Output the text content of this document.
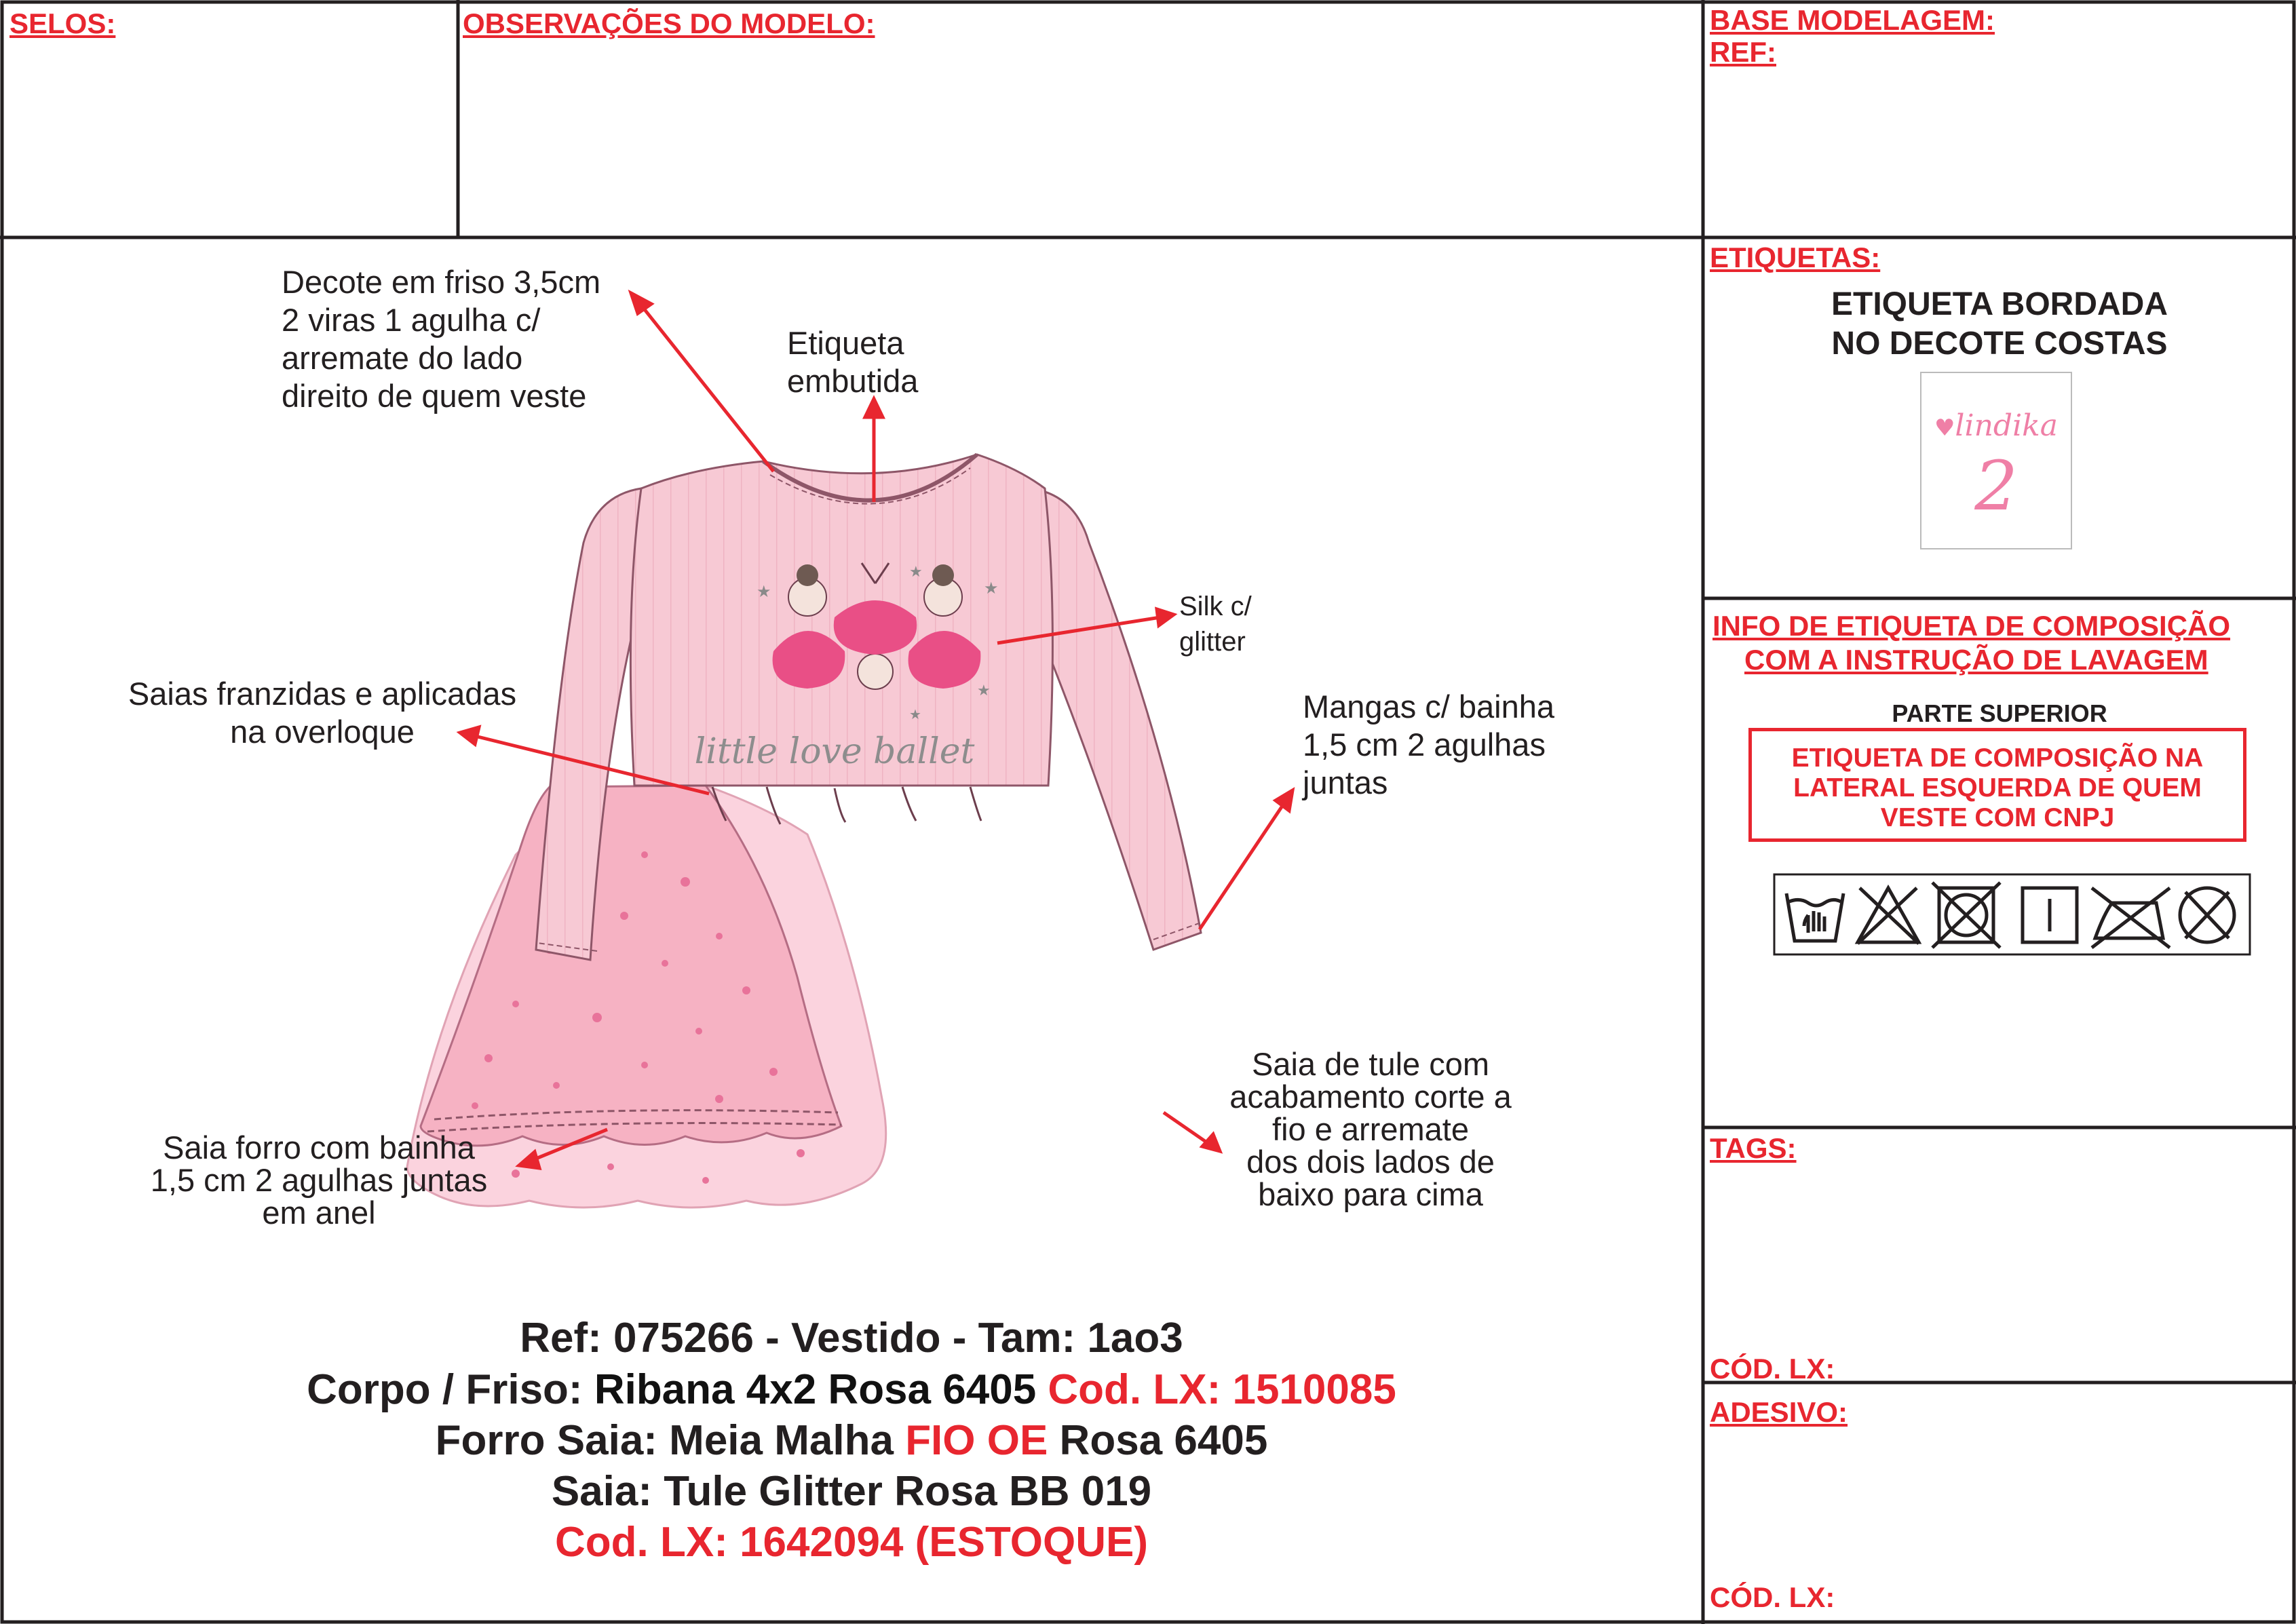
SELOS:	OBSERVAÇÕES DO MODELO:	BASE MODELAGEM:
REF:
ETIQUETAS:
INFO DE ETIQUETA DE COMPOSIÇÃO
COM A INSTRUÇÃO DE LAVAGEM
TAGS:
CÓD. LX:
ADESIVO:
CÓD. LX:
ETIQUETA BORDADA
NO DECOTE COSTAS
♥lindika
2
PARTE SUPERIOR
ETIQUETA DE COMPOSIÇÃO NA
LATERAL ESQUERDA DE QUEM
VESTE COM CNPJ
★	★
★
★
★
little love ballet
Decote em friso 3,5cm
2 viras 1 agulha c/
arremate do lado
direito de quem veste
Etiqueta
embutida
Silk c/
glitter
Saias franzidas e aplicadas
na overloque
Mangas c/ bainha
1,5 cm 2 agulhas
juntas
Saia de tule com
acabamento corte a
fio e arremate
dos dois lados de
baixo para cima
Saia forro com bainha
1,5 cm 2 agulhas juntas
em anel
Ref: 075266 - Vestido - Tam: 1ao3
Corpo / Friso: Ribana 4x2 Rosa 6405 Cod. LX: 1510085
Forro Saia: Meia Malha FIO OE Rosa 6405
Saia: Tule Glitter Rosa BB 019
Cod. LX: 1642094 (ESTOQUE)
